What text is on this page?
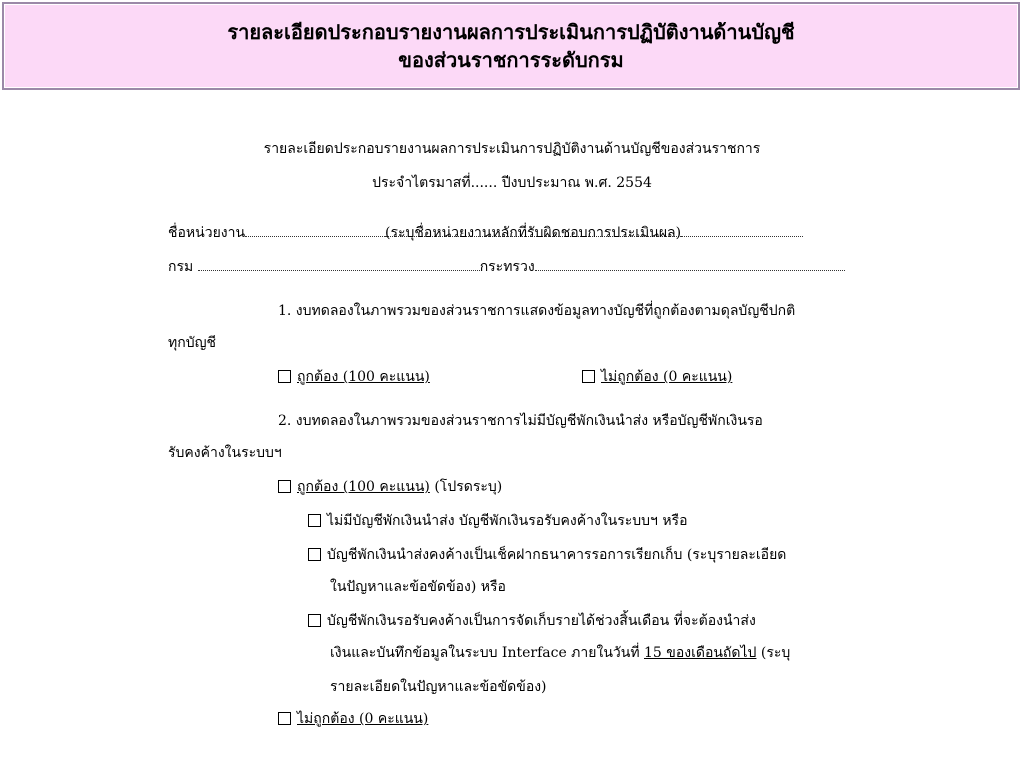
รายละเอียดประกอบรายงานผลการประเมินการปฏิบัติงานด้านบัญชี
ของส่วนราชการระดับกรม
รายละเอียดประกอบรายงานผลการประเมินการปฏิบัติงานด้านบัญชีของส่วนราชการ
ประจำไตรมาสที่...... ปีงบประมาณ พ.ศ. 2554
ชื่อหน่วยงาน	(ระบุชื่อหน่วยงานหลักที่รับผิดชอบการประเมินผล)
กรม	กระทรวง
1. งบทดลองในภาพรวมของส่วนราชการแสดงข้อมูลทางบัญชีที่ถูกต้องตามดุลบัญชีปกติ
ทุกบัญชี
ถูกต้อง (100 คะแนน)	ไม่ถูกต้อง (0 คะแนน)
2. งบทดลองในภาพรวมของส่วนราชการไม่มีบัญชีพักเงินนำส่ง หรือบัญชีพักเงินรอ
รับคงค้างในระบบฯ
ถูกต้อง (100 คะแนน) (โปรดระบุ)
ไม่มีบัญชีพักเงินนำส่ง บัญชีพักเงินรอรับคงค้างในระบบฯ หรือ
บัญชีพักเงินนำส่งคงค้างเป็นเช็คฝากธนาคารรอการเรียกเก็บ (ระบุรายละเอียด
ในปัญหาและข้อขัดข้อง) หรือ
บัญชีพักเงินรอรับคงค้างเป็นการจัดเก็บรายได้ช่วงสิ้นเดือน ที่จะต้องนำส่ง
เงินและบันทึกข้อมูลในระบบ Interface ภายในวันที่ 15 ของเดือนถัดไป (ระบุ
รายละเอียดในปัญหาและข้อขัดข้อง)
ไม่ถูกต้อง (0 คะแนน)
